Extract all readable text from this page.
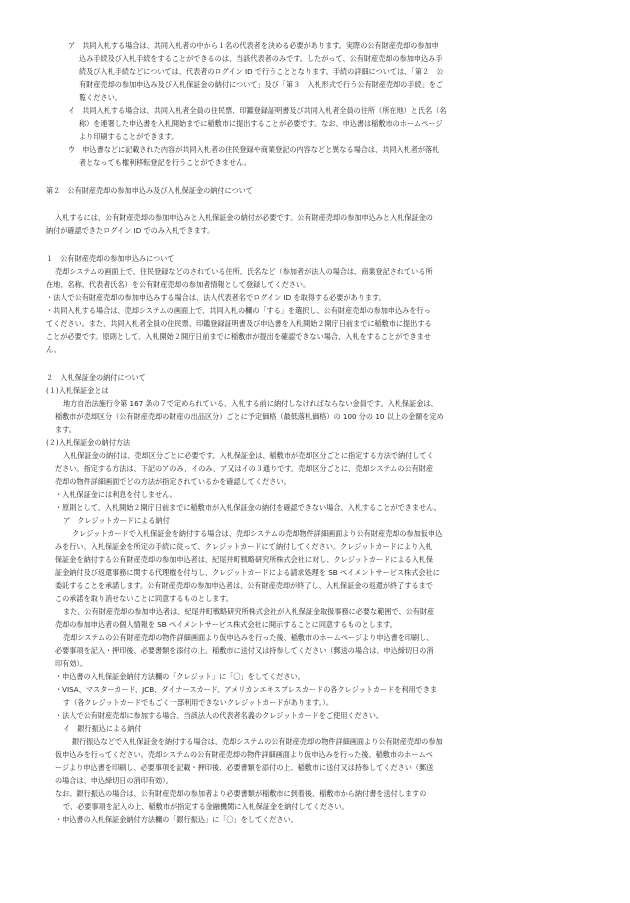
ア　共同入札する場合は、共同入札者の中から１名の代表者を決める必要があります。実際の公有財産売却の参加申
込み手続及び入札手続をすることができるのは、当該代表者のみです。したがって、公有財産売却の参加申込み手
続及び入札手続などについては、代表者のログイン ID で行うこととなります。手続の詳細については、「第２　公
有財産売却の参加申込み及び入札保証金の納付について」及び「第３　入札形式で行う公有財産売却の手続」をご
覧ください。
イ　共同入札する場合は、共同入札者全員の住民票、印鑑登録証明書及び共同入札者全員の住所（所在地）と氏名（名
称）を連署した申込書を入札開始までに稲敷市に提出することが必要です。なお、申込書は稲敷市のホームページ
より印刷することができます。
ウ　申込書などに記載された内容が共同入札者の住民登録や商業登記の内容などと異なる場合は、共同入札者が落札
者となっても権利移転登記を行うことができません。
第２　公有財産売却の参加申込み及び入札保証金の納付について
入札するには、公有財産売却の参加申込みと入札保証金の納付が必要です。公有財産売却の参加申込みと入札保証金の
納付が確認できたログイン ID でのみ入札できます。
１　公有財産売却の参加申込みについて
売却システムの画面上で、住民登録などのされている住所、氏名など（参加者が法人の場合は、商業登記されている所
在地、名称、代表者氏名）を公有財産売却の参加者情報として登録してください。
・法人で公有財産売却の参加申込みする場合は、法人代表者名でログイン ID を取得する必要があります。
・共同入札する場合は、売却システムの画面上で、共同入札の欄の「する」を選択し、公有財産売却の参加申込みを行っ
てください。また、共同入札者全員の住民票、印鑑登録証明書及び申込書を入札開始２開庁日前までに稲敷市に提出する
ことが必要です。原則として、入札開始２開庁日前までに稲敷市が提出を確認できない場合、入札をすることができませ
ん。
２　入札保証金の納付について
(１)入札保証金とは
地方自治法施行令第 167 条の７で定められている、入札する前に納付しなければならない金員です。入札保証金は、
稲敷市が売却区分（公有財産売却の財産の出品区分）ごとに予定価格（最低落札価格）の 100 分の 10 以上の金額を定め
ます。
(２)入札保証金の納付方法
入札保証金の納付は、売却区分ごとに必要です。入札保証金は、稲敷市が売却区分ごとに指定する方法で納付してく
ださい。指定する方法は、下記のアのみ、イのみ、ア又はイの３通りです。売却区分ごとに、売却システムの公有財産
売却の物件詳細画面でどの方法が指定されているかを確認してください。
・入札保証金には利息を付しません。
・原則として、入札開始２開庁日前までに稲敷市が入札保証金の納付を確認できない場合、入札することができません。
ア　クレジットカードによる納付
クレジットカードで入札保証金を納付する場合は、売却システムの売却物件詳細画面より公有財産売却の参加仮申込
みを行い、入札保証金を所定の手続に従って、クレジットカードにて納付してください。クレジットカードにより入札
保証金を納付する公有財産売却の参加申込者は、紀尾井町戦略研究所株式会社に対し、クレジットカードによる入札保
証金納付及び返還事務に関する代理権を付与し、クレジットカードによる請求処理を SB ペイメントサービス株式会社に
委託することを承諾します。公有財産売却の参加申込者は、公有財産売却が終了し、入札保証金の返還が終了するまで
この承諾を取り消せないことに同意するものとします。
また、公有財産売却の参加申込者は、紀尾井町戦略研究所株式会社が入札保証金取扱事務に必要な範囲で、公有財産
売却の参加申込者の個人情報を SB ペイメントサービス株式会社に開示することに同意するものとします。
売却システムの公有財産売却の物件詳細画面より仮申込みを行った後、稲敷市のホームページより申込書を印刷し、
必要事項を記入・押印後、必要書類を添付の上、稲敷市に送付又は持参してください（郵送の場合は、申込締切日の消
印有効）。
・申込書の入札保証金納付方法欄の「クレジット」に「〇」をしてください。
・VISA、マスターカード、JCB、ダイナースカード、アメリカンエキスプレスカードの各クレジットカードを利用できま
す（各クレジットカードでもごく一部利用できないクレジットカードがあります。）。
・法人で公有財産売却に参加する場合、当該法人の代表者名義のクレジットカードをご使用ください。
イ　銀行振込による納付
銀行振込などで入札保証金を納付する場合は、売却システムの公有財産売却の物件詳細画面より公有財産売却の参加
仮申込みを行ってください。売却システムの公有財産売却の物件詳細画面より仮申込みを行った後、稲敷市のホームペ
ージより申込書を印刷し、必要事項を記載・押印後、必要書類を添付の上、稲敷市に送付又は持参してください（郵送
の場合は、申込締切日の消印有効）。
なお、銀行振込の場合は、公有財産売却の参加者より必要書類が稲敷市に到着後、稲敷市から納付書を送付しますの
で、必要事項を記入の上、稲敷市が指定する金融機関に入札保証金を納付してください。
・申込書の入札保証金納付方法欄の「銀行振込」に「〇」をしてください。
